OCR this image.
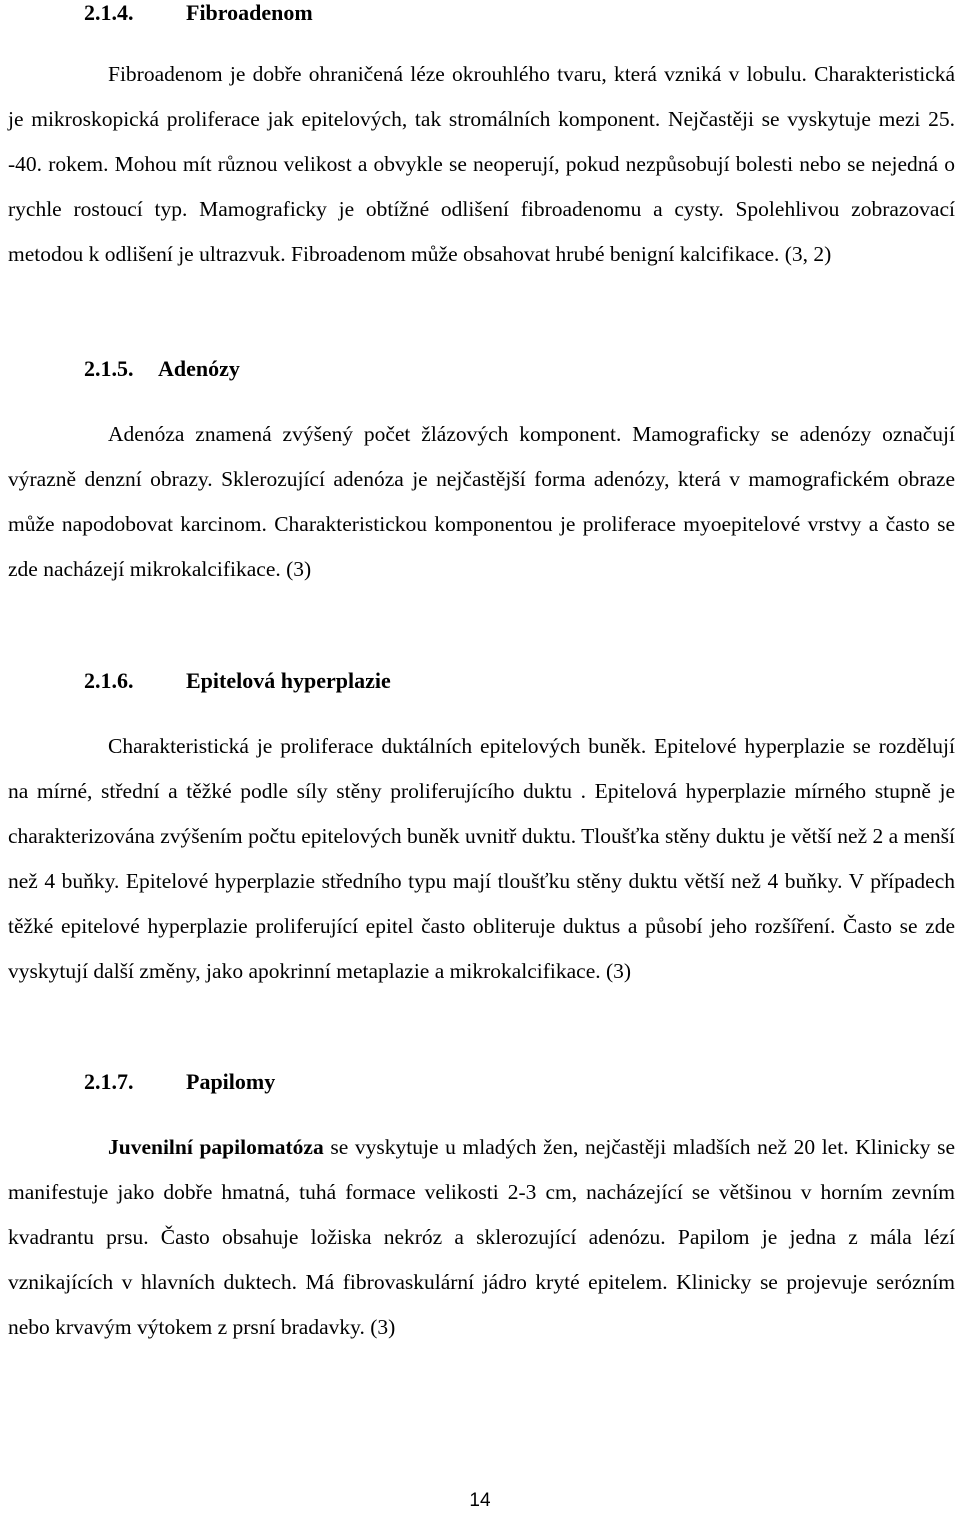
2.1.4. Fibroadenom

Fibroadenom je dobře ohraničená léze okrouhlého tvaru, která vzniká v lobulu. Charakteristická je mikroskopická proliferace jak epitelových, tak stromálních komponent. Nejčastěji se vyskytuje mezi 25. -40. rokem. Mohou mít různou velikost a obvykle se neoperují, pokud nezpůsobují bolesti nebo se nejedná o rychle rostoucí typ. Mamograficky je obtížné odlišení fibroadenomu a cysty. Spolehlivou zobrazovací metodou k odlišení je ultrazvuk. Fibroadenom může obsahovat hrubé benigní kalcifikace. (3, 2)

2.1.5. Adenózy

Adenóza znamená zvýšený počet žlázových komponent. Mamograficky se adenózy označují výrazně denzní obrazy. Sklerozující adenóza je nejčastější forma adenózy, která v mamografickém obraze může napodobovat karcinom. Charakteristickou komponentou je proliferace myoepitelové vrstvy a často se zde nacházejí mikrokalcifikace. (3)

2.1.6. Epitelová hyperplazie

Charakteristická je proliferace duktálních epitelových buněk. Epitelové hyperplazie se rozdělují na mírné, střední a těžké podle síly stěny proliferujícího duktu . Epitelová hyperplazie mírného stupně je charakterizována zvýšením počtu epitelových buněk uvnitř duktu. Tloušťka stěny duktu je větší než 2 a menší než 4 buňky. Epitelové hyperplazie středního typu mají tloušťku stěny duktu větší než 4 buňky. V případech těžké epitelové hyperplazie proliferující epitel často obliteruje duktus a působí jeho rozšíření. Často se zde vyskytují další změny, jako apokrinní metaplazie a mikrokalcifikace. (3)

2.1.7. Papilomy

Juvenilní papilomatóza se vyskytuje u mladých žen, nejčastěji mladších než 20 let. Klinicky se manifestuje jako dobře hmatná, tuhá formace velikosti 2-3 cm, nacházející se většinou v horním zevním kvadrantu prsu. Často obsahuje ložiska nekróz a sklerozující adenózu. Papilom je jedna z mála lézí vznikajících v hlavních duktech. Má fibrovaskulární jádro kryté epitelem. Klinicky se projevuje serózním nebo krvavým výtokem z prsní bradavky. (3)

14
